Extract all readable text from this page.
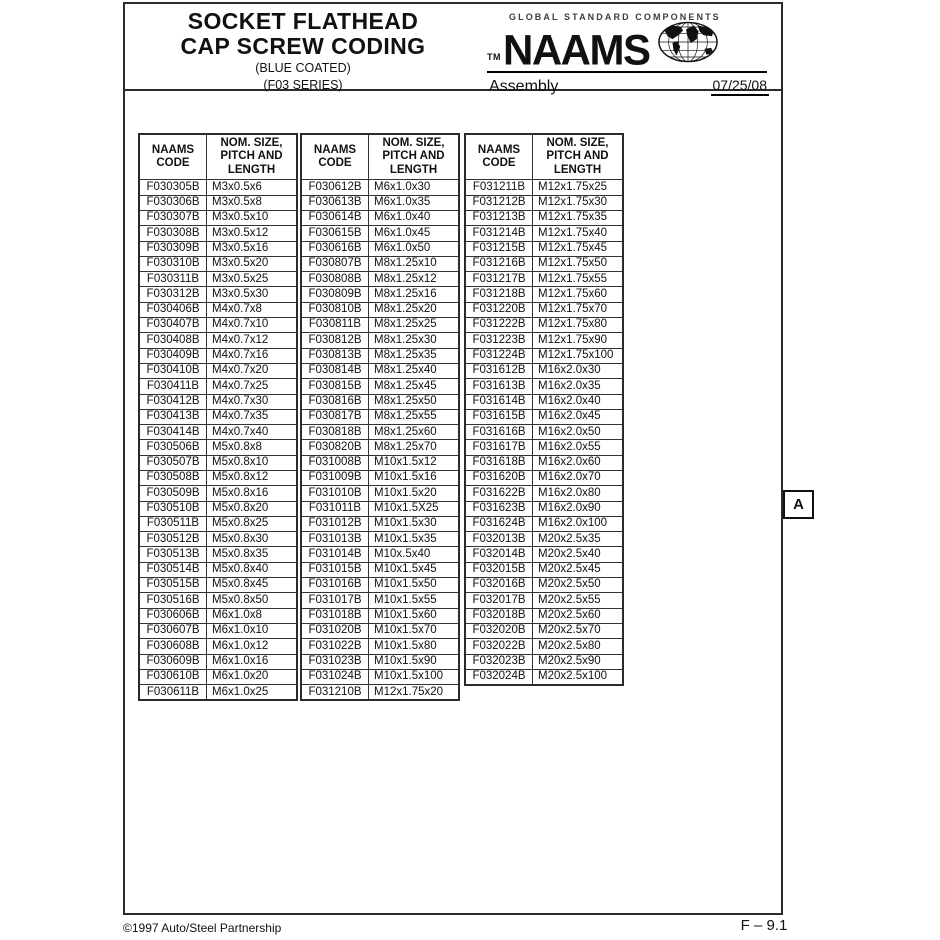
SOCKET FLATHEAD
CAP SCREW CODING
(BLUE COATED)
(F03 SERIES)
GLOBAL STANDARD COMPONENTS
TM NAAMS
Assembly	07/25/08
NAAMS
CODE	NOM. SIZE,
PITCH AND
LENGTH
F030305B	M3x0.5x6
F030306B	M3x0.5x8
F030307B	M3x0.5x10
F030308B	M3x0.5x12
F030309B	M3x0.5x16
F030310B	M3x0.5x20
F030311B	M3x0.5x25
F030312B	M3x0.5x30
F030406B	M4x0.7x8
F030407B	M4x0.7x10
F030408B	M4x0.7x12
F030409B	M4x0.7x16
F030410B	M4x0.7x20
F030411B	M4x0.7x25
F030412B	M4x0.7x30
F030413B	M4x0.7x35
F030414B	M4x0.7x40
F030506B	M5x0.8x8
F030507B	M5x0.8x10
F030508B	M5x0.8x12
F030509B	M5x0.8x16
F030510B	M5x0.8x20
F030511B	M5x0.8x25
F030512B	M5x0.8x30
F030513B	M5x0.8x35
F030514B	M5x0.8x40
F030515B	M5x0.8x45
F030516B	M5x0.8x50
F030606B	M6x1.0x8
F030607B	M6x1.0x10
F030608B	M6x1.0x12
F030609B	M6x1.0x16
F030610B	M6x1.0x20
F030611B	M6x1.0x25
NAAMS
CODE	NOM. SIZE,
PITCH AND
LENGTH
F030612B	M6x1.0x30
F030613B	M6x1.0x35
F030614B	M6x1.0x40
F030615B	M6x1.0x45
F030616B	M6x1.0x50
F030807B	M8x1.25x10
F030808B	M8x1.25x12
F030809B	M8x1.25x16
F030810B	M8x1.25x20
F030811B	M8x1.25x25
F030812B	M8x1.25x30
F030813B	M8x1.25x35
F030814B	M8x1.25x40
F030815B	M8x1.25x45
F030816B	M8x1.25x50
F030817B	M8x1.25x55
F030818B	M8x1.25x60
F030820B	M8x1.25x70
F031008B	M10x1.5x12
F031009B	M10x1.5x16
F031010B	M10x1.5x20
F031011B	M10x1.5X25
F031012B	M10x1.5x30
F031013B	M10x1.5x35
F031014B	M10x.5x40
F031015B	M10x1.5x45
F031016B	M10x1.5x50
F031017B	M10x1.5x55
F031018B	M10x1.5x60
F031020B	M10x1.5x70
F031022B	M10x1.5x80
F031023B	M10x1.5x90
F031024B	M10x1.5x100
F031210B	M12x1.75x20
NAAMS
CODE	NOM. SIZE,
PITCH AND
LENGTH
F031211B	M12x1.75x25
F031212B	M12x1.75x30
F031213B	M12x1.75x35
F031214B	M12x1.75x40
F031215B	M12x1.75x45
F031216B	M12x1.75x50
F031217B	M12x1.75x55
F031218B	M12x1.75x60
F031220B	M12x1.75x70
F031222B	M12x1.75x80
F031223B	M12x1.75x90
F031224B	M12x1.75x100
F031612B	M16x2.0x30
F031613B	M16x2.0x35
F031614B	M16x2.0x40
F031615B	M16x2.0x45
F031616B	M16x2.0x50
F031617B	M16x2.0x55
F031618B	M16x2.0x60
F031620B	M16x2.0x70
F031622B	M16x2.0x80
F031623B	M16x2.0x90
F031624B	M16x2.0x100
F032013B	M20x2.5x35
F032014B	M20x2.5x40
F032015B	M20x2.5x45
F032016B	M20x2.5x50
F032017B	M20x2.5x55
F032018B	M20x2.5x60
F032020B	M20x2.5x70
F032022B	M20x2.5x80
F032023B	M20x2.5x90
F032024B	M20x2.5x100
A
©1997 Auto/Steel Partnership	F – 9.1
